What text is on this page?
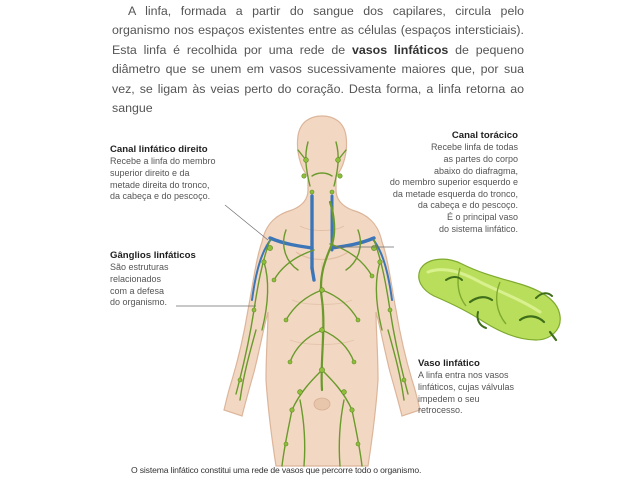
A linfa, formada a partir do sangue dos capilares, circula pelo organismo nos espaços existentes entre as células (espaços intersticiais). Esta linfa é recolhida por uma rede de vasos linfáticos de pequeno diâmetro que se unem em vasos sucessivamente maiores que, por sua vez, se ligam às veias perto do coração. Desta forma, a linfa retorna ao sangue

Canal linfático direito
Recebe a linfa do membro
superior direito e da
metade direita do tronco,
da cabeça e do pescoço.
Gânglios linfáticos
São estruturas
relacionados
com a defesa
do organismo.
Canal torácico
Recebe linfa de todas
as partes do corpo
abaixo do diafragma,
do membro superior esquerdo e
da metade esquerda do tronco,
da cabeça e do pescoço.
É o principal vaso
do sistema linfático.
Vaso linfático
A linfa entra nos vasos
linfáticos, cujas válvulas
impedem o seu
retrocesso.
O sistema linfático constitui uma rede de vasos que percorre todo o organismo.
